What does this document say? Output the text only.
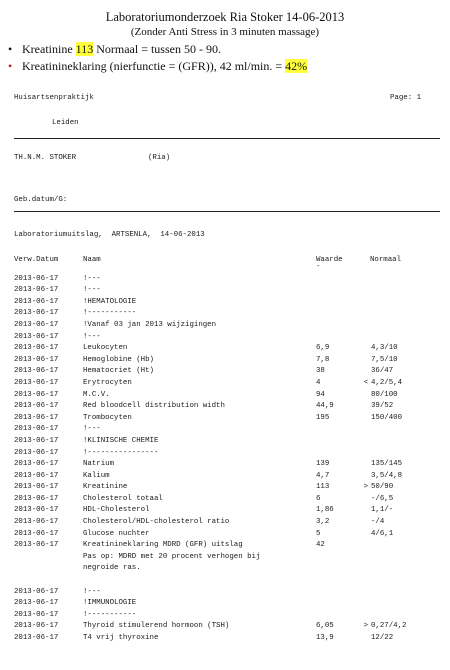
Laboratoriumonderzoek Ria Stoker 14-06-2013
(Zonder Anti Stress in 3 minuten massage)
• Kreatinine 113 Normaal = tussen 50 - 90.
• Kreatinineklaring (nierfunctie = (GFR)), 42 ml/min. = 42%
Huisartsenpraktijk	Page: 1
Leiden
TH.N.M. STOKER	(Ria)
Geb.datum/G:
Laboratoriumuitslag,  ARTSENLA,  14-06-2013
Verw.Datum	Naam	Waarde	Normaal
-
2013-06-17	!---
2013-06-17	!---
2013-06-17	!HEMATOLOGIE
2013-06-17	!-----------
2013-06-17	!Vanaf 03 jan 2013 wijzigingen
2013-06-17	!---
2013-06-17	Leukocyten	6,9	4,3/10
2013-06-17	Hemoglobine (Hb)	7,8	7,5/10
2013-06-17	Hematocriet (Ht)	38	36/47
2013-06-17	Erytrocyten	4	< 4,2/5,4
2013-06-17	M.C.V.	94	80/100
2013-06-17	Red bloodcell distribution width	44,9	39/52
2013-06-17	Trombocyten	195	150/400
2013-06-17	!---
2013-06-17	!KLINISCHE CHEMIE
2013-06-17	!----------------
2013-06-17	Natrium	139	135/145
2013-06-17	Kalium	4,7	3,5/4,8
2013-06-17	Kreatinine	113	> 50/90
2013-06-17	Cholesterol totaal	6	-/6,5
2013-06-17	HDL-Cholesterol	1,86	1,1/-
2013-06-17	Cholesterol/HDL-cholesterol ratio	3,2	-/4
2013-06-17	Glucose nuchter	5	4/6,1
2013-06-17	Kreatinineklaring MDRD (GFR) uitslag	42
Pas op: MDRD met 20 procent verhogen bij
negroide ras.
2013-06-17	!---
2013-06-17	!IMMUNOLOGIE
2013-06-17	!-----------
2013-06-17	Thyroid stimulerend hormoon (TSH)	6,05	> 0,27/4,2
2013-06-17	T4 vrij thyroxine	13,9	12/22
